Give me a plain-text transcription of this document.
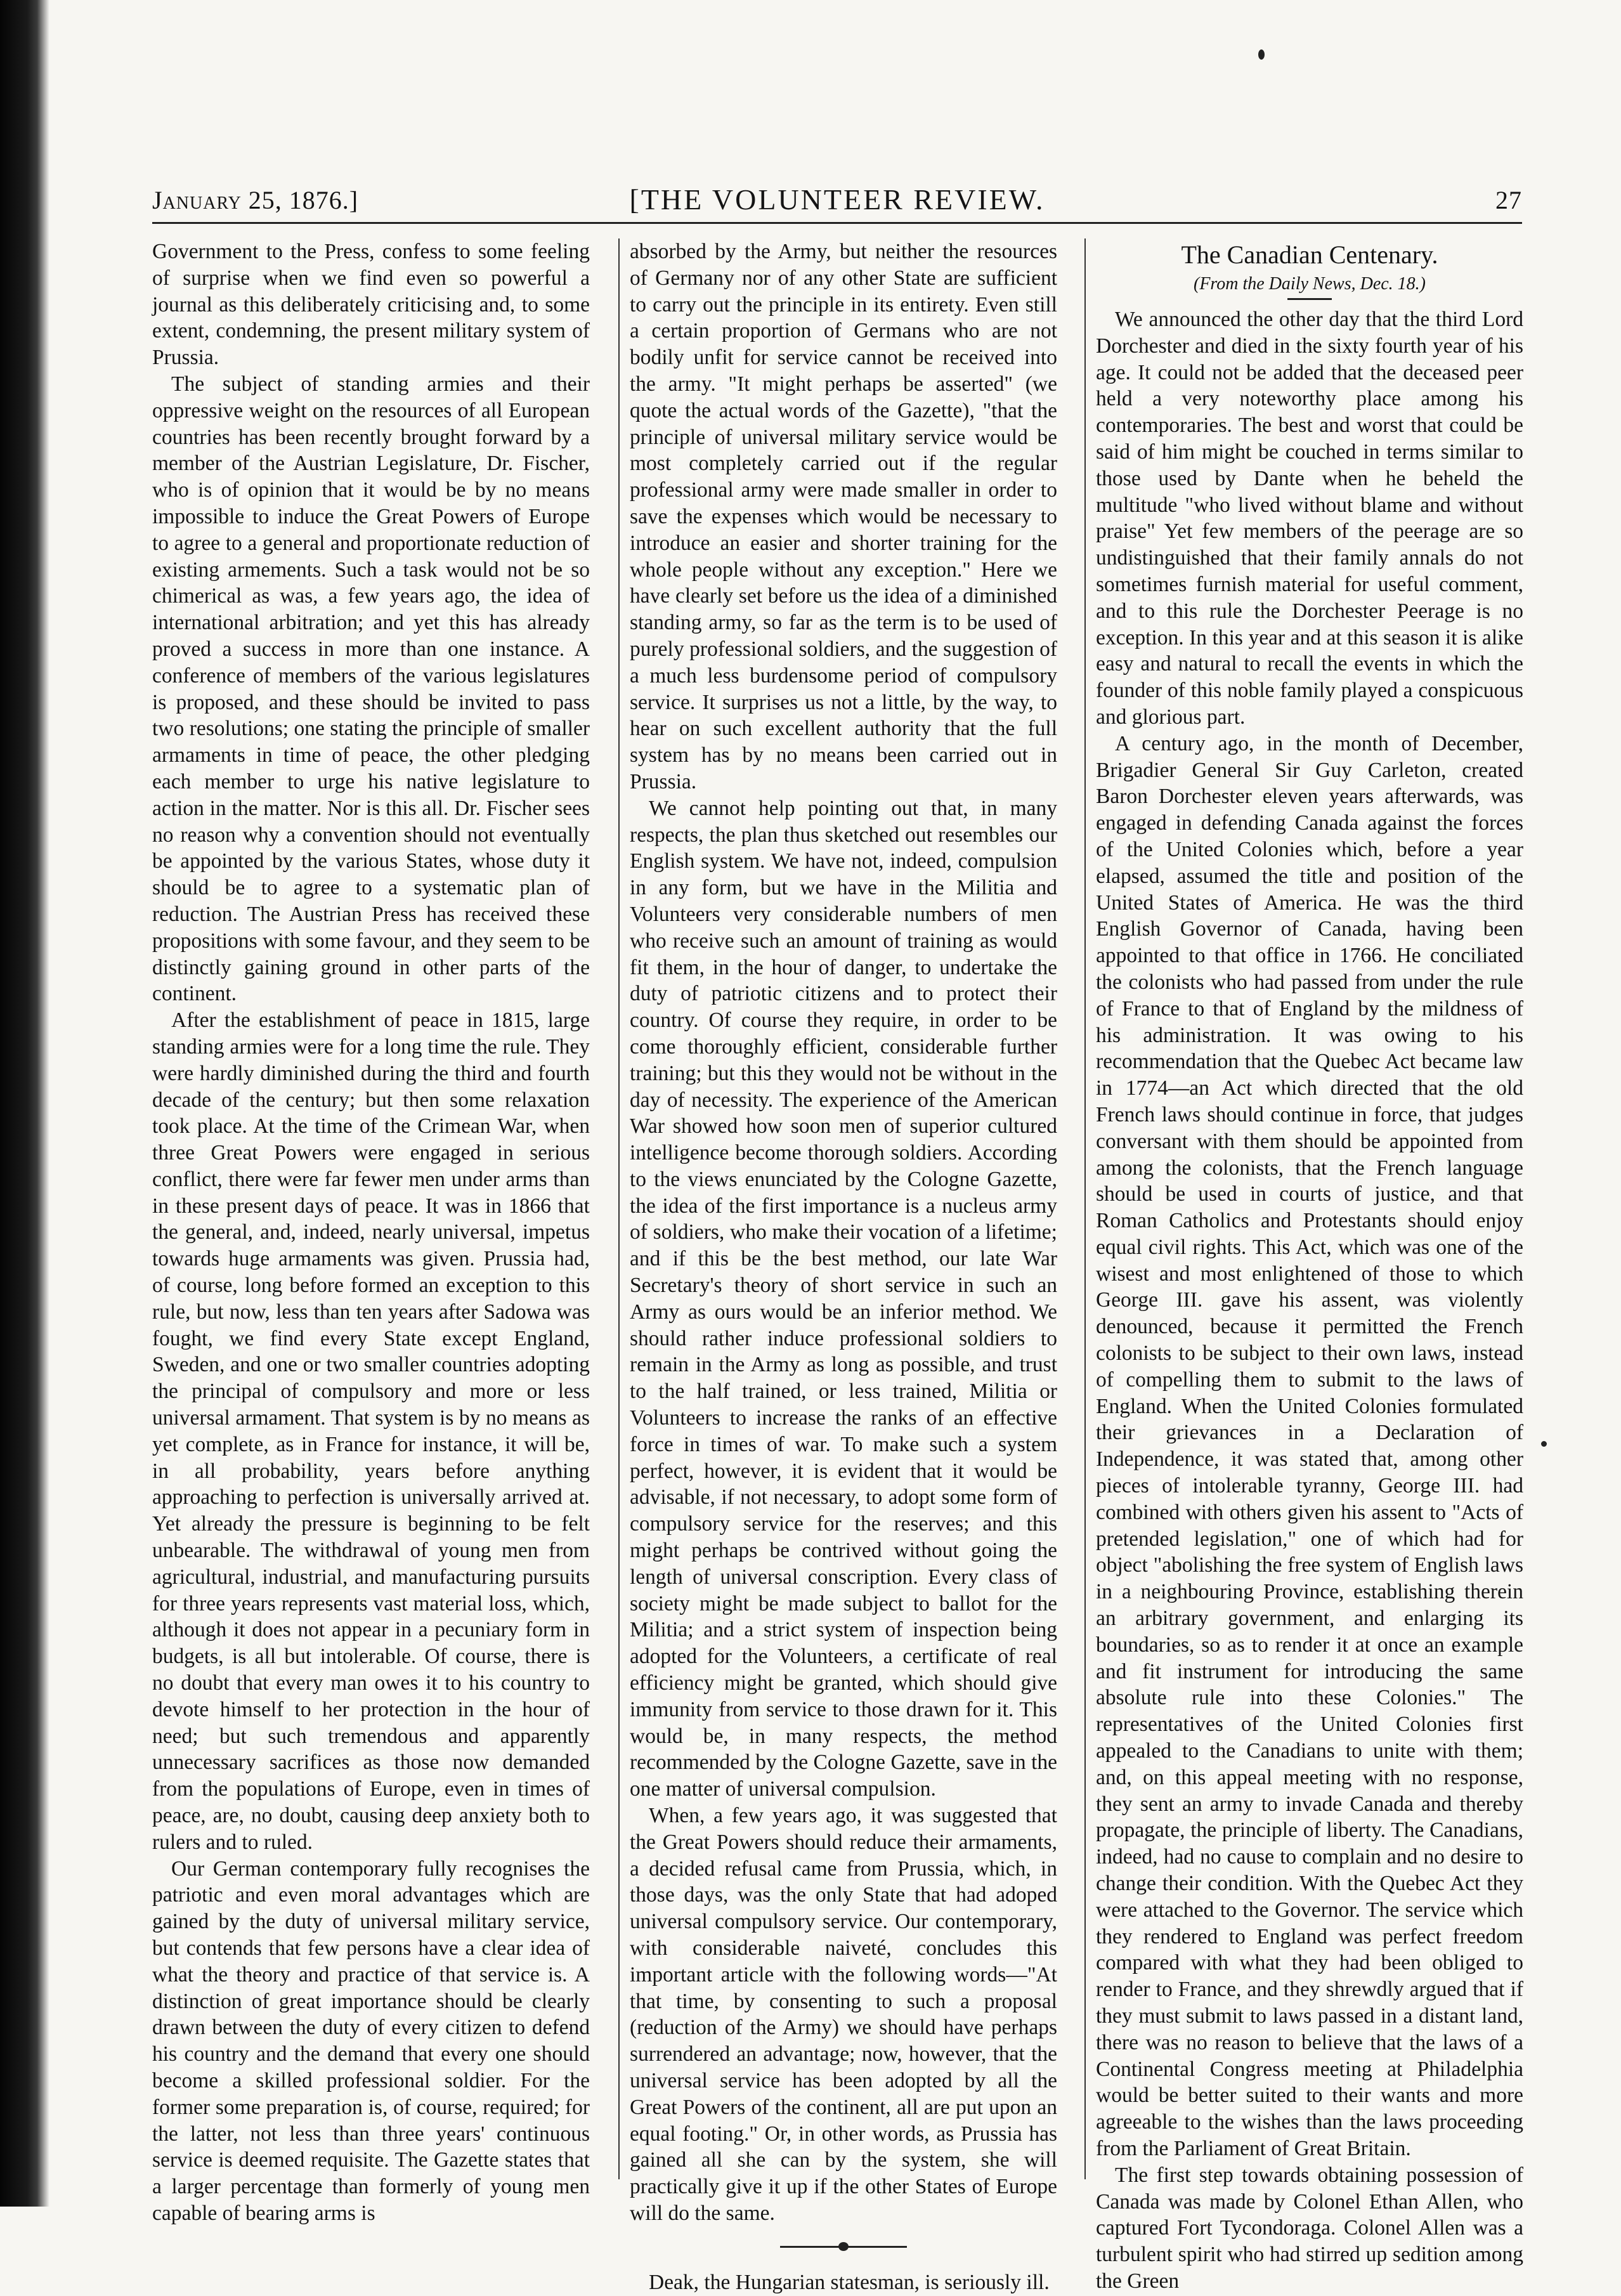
January 25, 1876.]	[THE VOLUNTEER REVIEW.	27

Government to the Press, confess to some feeling of surprise when we find even so powerful a journal as this deliberately criticising and, to some extent, condemning, the present military system of Prussia.

The subject of standing armies and their oppressive weight on the resources of all European countries has been recently brought forward by a member of the Austrian Legislature, Dr. Fischer, who is of opinion that it would be by no means impossible to induce the Great Powers of Europe to agree to a general and proportionate reduction of existing armements. Such a task would not be so chimerical as was, a few years ago, the idea of international arbitration; and yet this has already proved a success in more than one instance. A conference of members of the various legislatures is proposed, and these should be invited to pass two resolutions; one stating the principle of smaller armaments in time of peace, the other pledging each member to urge his native legislature to action in the matter. Nor is this all. Dr. Fischer sees no reason why a convention should not eventually be appointed by the various States, whose duty it should be to agree to a systematic plan of reduction. The Austrian Press has received these propositions with some favour, and they seem to be distinctly gaining ground in other parts of the continent.

After the establishment of peace in 1815, large standing armies were for a long time the rule. They were hardly diminished during the third and fourth decade of the century; but then some relaxation took place. At the time of the Crimean War, when three Great Powers were engaged in serious conflict, there were far fewer men under arms than in these present days of peace. It was in 1866 that the general, and, indeed, nearly universal, impetus towards huge armaments was given. Prussia had, of course, long before formed an exception to this rule, but now, less than ten years after Sadowa was fought, we find every State except England, Sweden, and one or two smaller countries adopting the principal of compulsory and more or less universal armament. That system is by no means as yet complete, as in France for instance, it will be, in all probability, years before anything approaching to perfection is universally arrived at. Yet already the pressure is beginning to be felt unbearable. The withdrawal of young men from agricultural, industrial, and manufacturing pursuits for three years represents vast material loss, which, although it does not appear in a pecuniary form in budgets, is all but intolerable. Of course, there is no doubt that every man owes it to his country to devote himself to her protection in the hour of need; but such tremendous and apparently unnecessary sacrifices as those now demanded from the populations of Europe, even in times of peace, are, no doubt, causing deep anxiety both to rulers and to ruled.

Our German contemporary fully recognises the patriotic and even moral advantages which are gained by the duty of universal military service, but contends that few persons have a clear idea of what the theory and practice of that service is. A distinction of great importance should be clearly drawn between the duty of every citizen to defend his country and the demand that every one should become a skilled professional soldier. For the former some preparation is, of course, required; for the latter, not less than three years' continuous service is deemed requisite. The Gazette states that a larger percentage than formerly of young men capable of bearing arms is

absorbed by the Army, but neither the resources of Germany nor of any other State are sufficient to carry out the principle in its entirety. Even still a certain proportion of Germans who are not bodily unfit for service cannot be received into the army. "It might perhaps be asserted" (we quote the actual words of the Gazette), "that the principle of universal military service would be most completely carried out if the regular professional army were made smaller in order to save the expenses which would be necessary to introduce an easier and shorter training for the whole people without any exception." Here we have clearly set before us the idea of a diminished standing army, so far as the term is to be used of purely professional soldiers, and the suggestion of a much less burdensome period of compulsory service. It surprises us not a little, by the way, to hear on such excellent authority that the full system has by no means been carried out in Prussia.

We cannot help pointing out that, in many respects, the plan thus sketched out resembles our English system. We have not, indeed, compulsion in any form, but we have in the Militia and Volunteers very considerable numbers of men who receive such an amount of training as would fit them, in the hour of danger, to undertake the duty of patriotic citizens and to protect their country. Of course they require, in order to be come thoroughly efficient, considerable further training; but this they would not be without in the day of necessity. The experience of the American War showed how soon men of superior cultured intelligence become thorough soldiers. According to the views enunciated by the Cologne Gazette, the idea of the first importance is a nucleus army of soldiers, who make their vocation of a lifetime; and if this be the best method, our late War Secretary's theory of short service in such an Army as ours would be an inferior method. We should rather induce professional soldiers to remain in the Army as long as possible, and trust to the half trained, or less trained, Militia or Volunteers to increase the ranks of an effective force in times of war. To make such a system perfect, however, it is evident that it would be advisable, if not necessary, to adopt some form of compulsory service for the reserves; and this might perhaps be contrived without going the length of universal conscription. Every class of society might be made subject to ballot for the Militia; and a strict system of inspection being adopted for the Volunteers, a certificate of real efficiency might be granted, which should give immunity from service to those drawn for it. This would be, in many respects, the method recommended by the Cologne Gazette, save in the one matter of universal compulsion.

When, a few years ago, it was suggested that the Great Powers should reduce their armaments, a decided refusal came from Prussia, which, in those days, was the only State that had adoped universal compulsory service. Our contemporary, with considerable naiveté, concludes this important article with the following words—"At that time, by consenting to such a proposal (reduction of the Army) we should have perhaps surrendered an advantage; now, however, that the universal service has been adopted by all the Great Powers of the continent, all are put upon an equal footing." Or, in other words, as Prussia has gained all she can by the system, she will practically give it up if the other States of Europe will do the same.

Deak, the Hungarian statesman, is seriously ill.

The Canadian Centenary.

(From the Daily News, Dec. 18.)

We announced the other day that the third Lord Dorchester and died in the sixty fourth year of his age. It could not be added that the deceased peer held a very noteworthy place among his contemporaries. The best and worst that could be said of him might be couched in terms similar to those used by Dante when he beheld the multitude "who lived without blame and without praise" Yet few members of the peerage are so undistinguished that their family annals do not sometimes furnish material for useful comment, and to this rule the Dorchester Peerage is no exception. In this year and at this season it is alike easy and natural to recall the events in which the founder of this noble family played a conspicuous and glorious part.

A century ago, in the month of December, Brigadier General Sir Guy Carleton, created Baron Dorchester eleven years afterwards, was engaged in defending Canada against the forces of the United Colonies which, before a year elapsed, assumed the title and position of the United States of America. He was the third English Governor of Canada, having been appointed to that office in 1766. He conciliated the colonists who had passed from under the rule of France to that of England by the mildness of his administration. It was owing to his recommendation that the Quebec Act became law in 1774—an Act which directed that the old French laws should continue in force, that judges conversant with them should be appointed from among the colonists, that the French language should be used in courts of justice, and that Roman Catholics and Protestants should enjoy equal civil rights. This Act, which was one of the wisest and most enlightened of those to which George III. gave his assent, was violently denounced, because it permitted the French colonists to be subject to their own laws, instead of compelling them to submit to the laws of England. When the United Colonies formulated their grievances in a Declaration of Independence, it was stated that, among other pieces of intolerable tyranny, George III. had combined with others given his assent to "Acts of pretended legislation," one of which had for object "abolishing the free system of English laws in a neighbouring Province, establishing therein an arbitrary government, and enlarging its boundaries, so as to render it at once an example and fit instrument for introducing the same absolute rule into these Colonies." The representatives of the United Colonies first appealed to the Canadians to unite with them; and, on this appeal meeting with no response, they sent an army to invade Canada and thereby propagate, the principle of liberty. The Canadians, indeed, had no cause to complain and no desire to change their condition. With the Quebec Act they were attached to the Governor. The service which they rendered to England was perfect freedom compared with what they had been obliged to render to France, and they shrewdly argued that if they must submit to laws passed in a distant land, there was no reason to believe that the laws of a Continental Congress meeting at Philadelphia would be better suited to their wants and more agreeable to the wishes than the laws proceeding from the Parliament of Great Britain.

The first step towards obtaining possession of Canada was made by Colonel Ethan Allen, who captured Fort Tycondoraga. Colonel Allen was a turbulent spirit who had stirred up sedition among the Green
